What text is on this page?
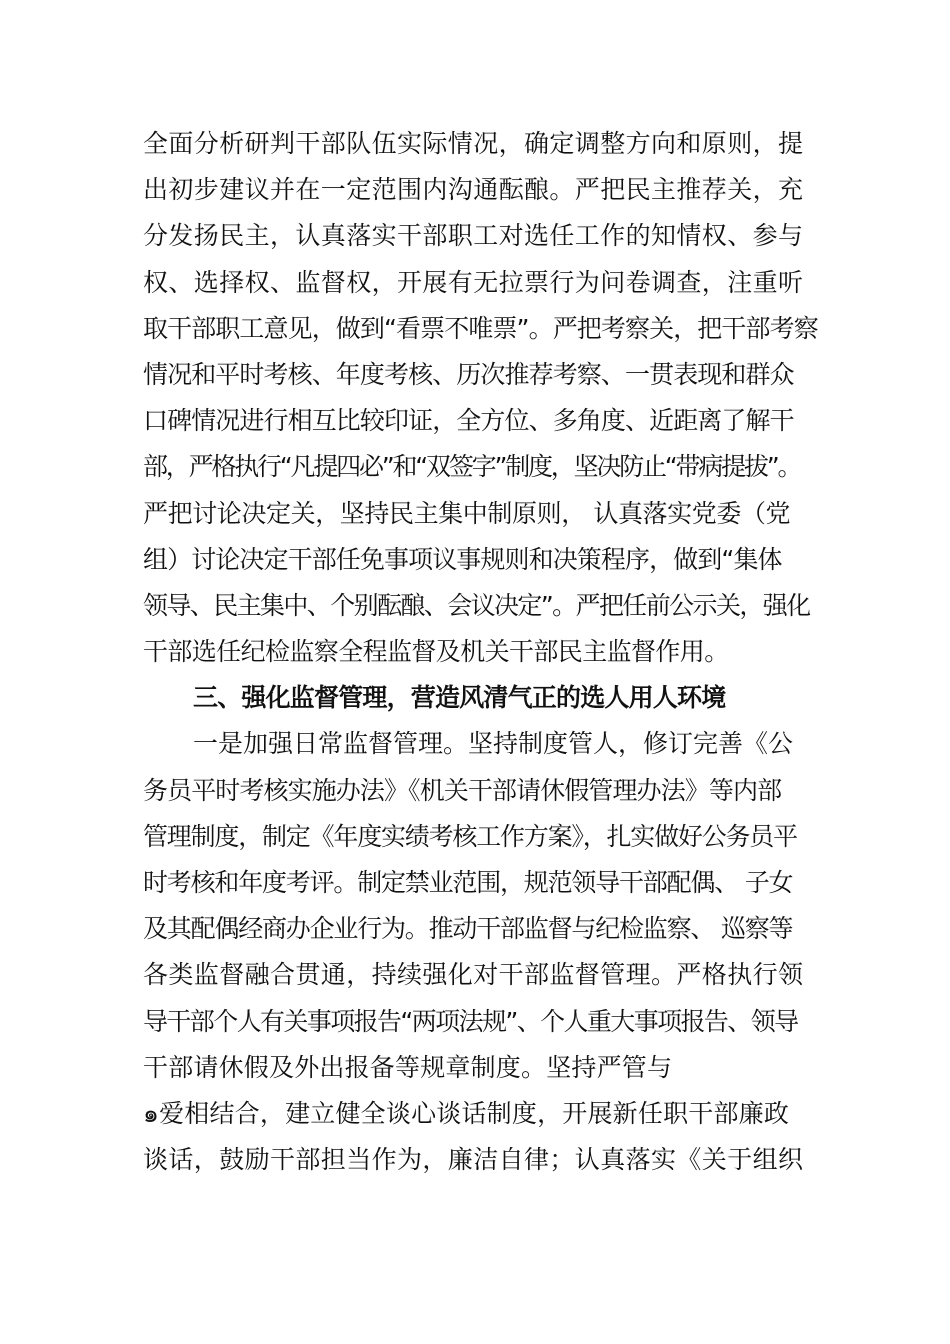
全面分析研判干部队伍实际情况，确定调整方向和原则，提
出初步建议并在一定范围内沟通酝酿。严把民主推荐关，充
分发扬民主，认真落实干部职工对选任工作的知情权、参与
权、选择权、监督权，开展有无拉票行为问卷调查，注重听
取干部职工意见，做到“看票不唯票”。严把考察关，把干部考察
情况和平时考核、年度考核、历次推荐考察、一贯表现和群众
口碑情况进行相互比较印证，全方位、多角度、近距离了解干
部，严格执行“凡提四必”和“双签字”制度，坚决防止“带病提拔”。
严把讨论决定关，坚持民主集中制原则， 认真落实党委（党
组）讨论决定干部任免事项议事规则和决策程序，做到“集体
领导、民主集中、个别酝酿、会议决定”。严把任前公示关，强化
干部选任纪检监察全程监督及机关干部民主监督作用。
三、强化监督管理，营造风清气正的选人用人环境
一是加强日常监督管理。坚持制度管人，修订完善《公
务员平时考核实施办法》《机关干部请休假管理办法》等内部
管理制度，制定《年度实绩考核工作方案》，扎实做好公务员平
时考核和年度考评。制定禁业范围，规范领导干部配偶、 子女
及其配偶经商办企业行为。推动干部监督与纪检监察、 巡察等
各类监督融合贯通，持续强化对干部监督管理。严格执行领
导干部个人有关事项报告“两项法规”、个人重大事项报告、领导
干部请休假及外出报备等规章制度。坚持严管与
๑爱相结合，建立健全谈心谈话制度，开展新任职干部廉政
谈话，鼓励干部担当作为，廉洁自律；认真落实《关于组织
